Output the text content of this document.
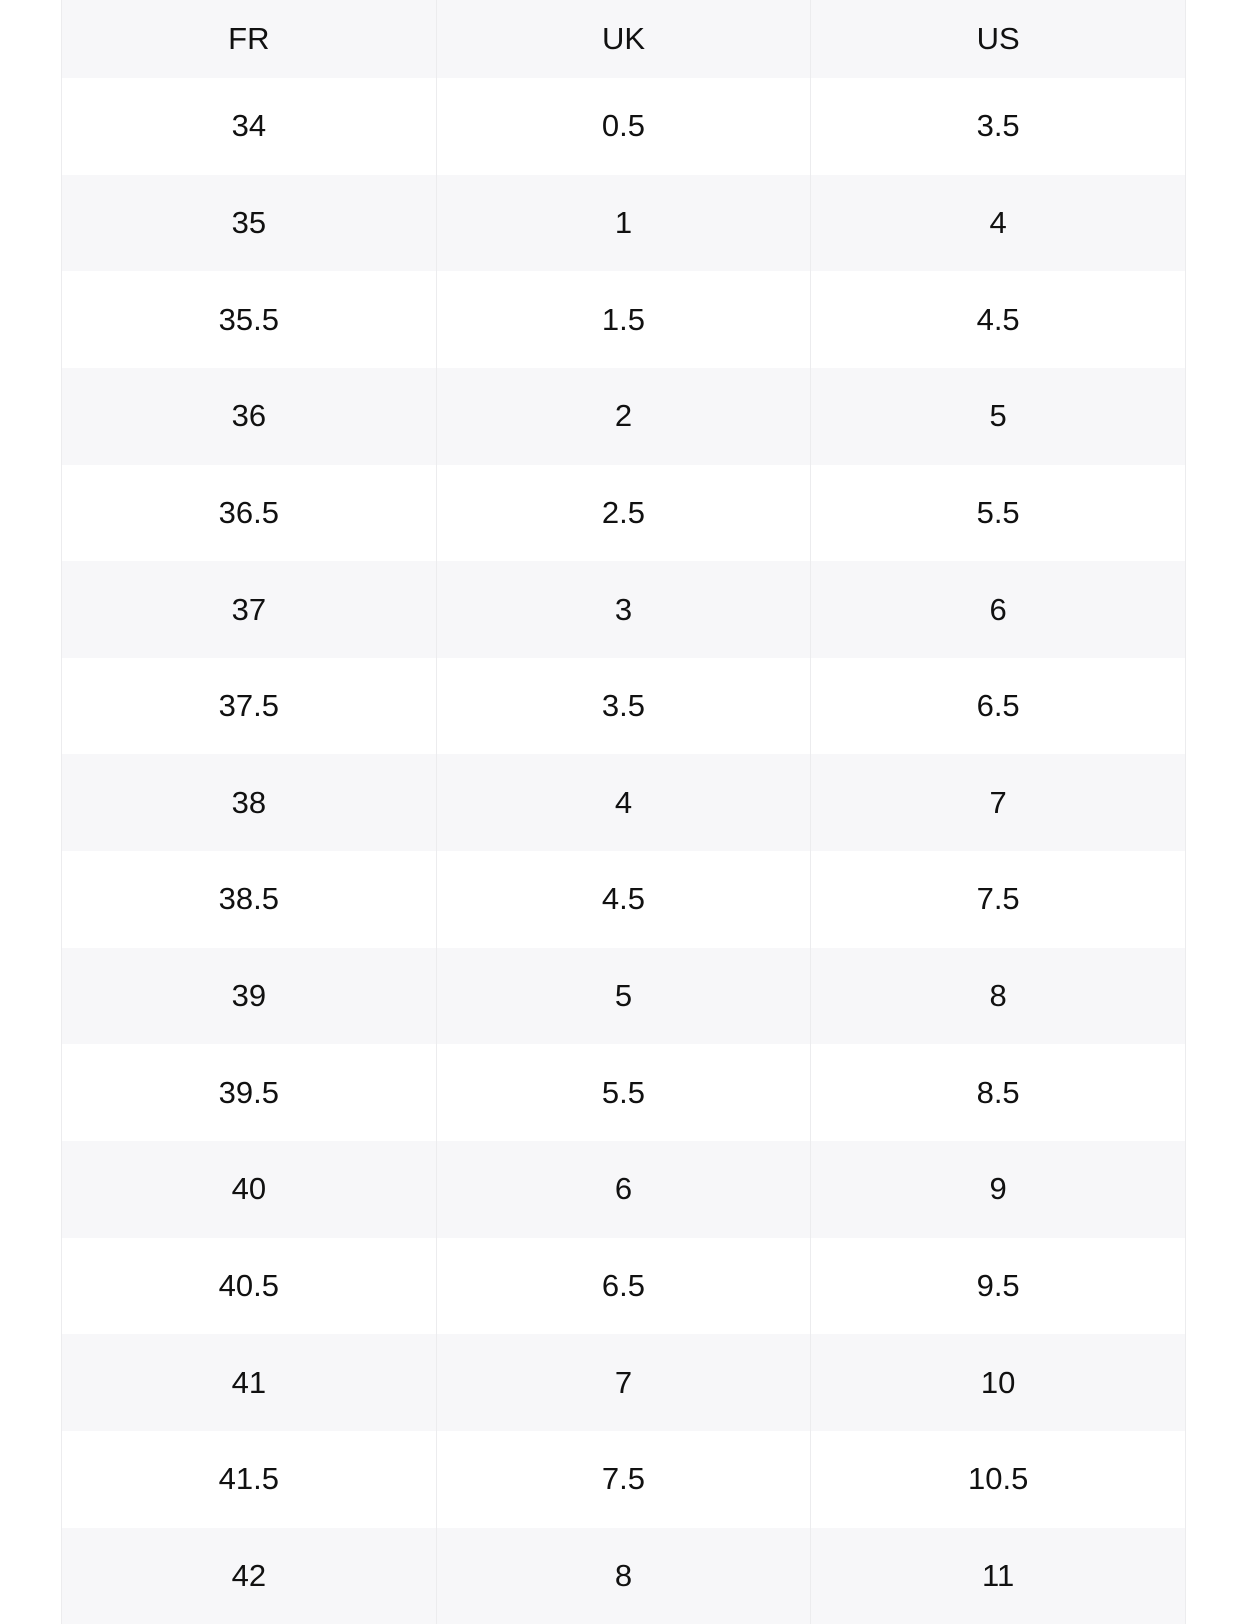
FR	UK	US
34	0.5	3.5
35	1	4
35.5	1.5	4.5
36	2	5
36.5	2.5	5.5
37	3	6
37.5	3.5	6.5
38	4	7
38.5	4.5	7.5
39	5	8
39.5	5.5	8.5
40	6	9
40.5	6.5	9.5
41	7	10
41.5	7.5	10.5
42	8	11
